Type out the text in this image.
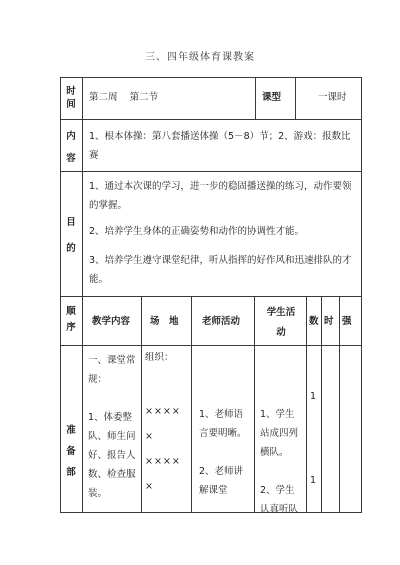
三、四年级体育课教案
时间
第二周    第二节	课型	一课时
内容
1、根本体操：第八套播送体操（5－8）节；2、游戏：报数比赛
目的
1、通过本次课的学习，进一步的稳固播送操的练习，动作要领的掌握。
2、培养学生身体的正确姿势和动作的协调性才能。
3、培养学生遵守课堂纪律，听从指挥的好作风和迅速排队的才能。
顺序
教学内容 场　地 老师活动
学生活动
数 时 强
准备部
一、课堂常规：

1、体委整队、师生问好、报告人数、检查服装。
组织：
××××
×
××××
×
1、老师语言要明晰。

2、老师讲解课堂
1、学生站成四列横队。

2、学生认真听队
1
1
